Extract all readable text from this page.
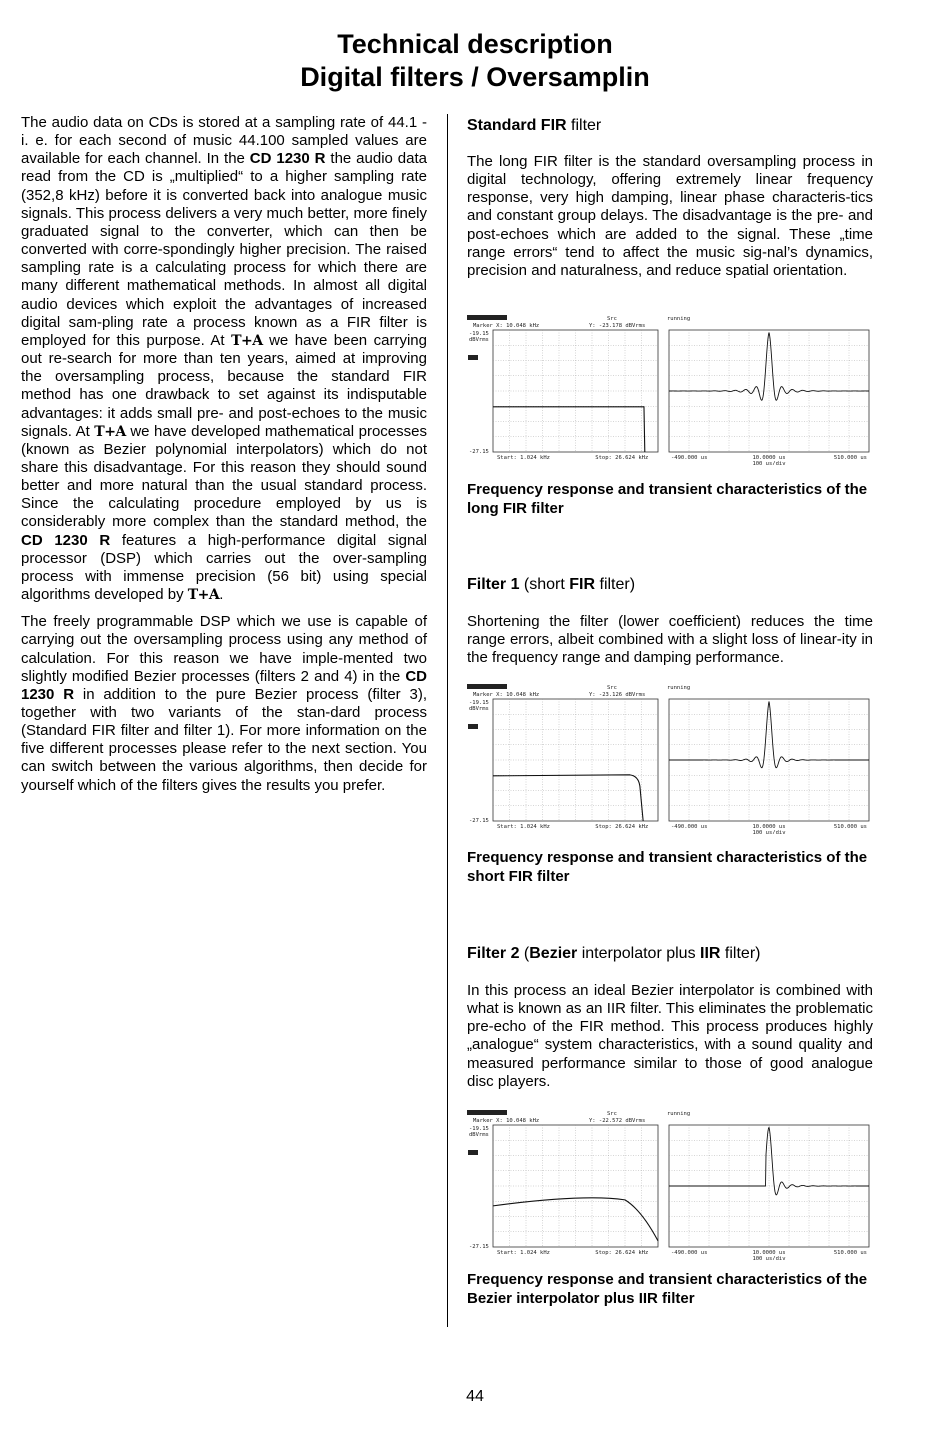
Technical description
Digital filters / Oversamplin

The audio data on CDs is stored at a sampling rate of 44.1 - i. e. for each second of music 44.100 sampled values are available for each channel. In the CD 1230 R the audio data read from the CD is „multiplied“ to a higher sampling rate (352,8 kHz) before it is converted back into analogue music signals. This process delivers a very much better, more finely graduated signal to the converter, which can then be converted with corre-spondingly higher precision. The raised sampling rate is a calculating process for which there are many different mathematical methods. In almost all digital audio devices which exploit the advantages of increased digital sam-pling rate a process known as a FIR filter is employed for this purpose. At T+A we have been carrying out re-search for more than ten years, aimed at improving the oversampling process, because the standard FIR method has one drawback to set against its indisputable advantages: it adds small pre- and post-echoes to the music signals. At T+A we have developed mathematical processes (known as Bezier polynomial interpolators) which do not share this disadvantage. For this reason they should sound better and more natural than the usual standard process. Since the calculating procedure employed by us is considerably more complex than the standard method, the CD 1230 R features a high-performance digital signal processor (DSP) which carries out the over-sampling process with immense precision (56 bit) using special algorithms developed by T+A.

The freely programmable DSP which we use is capable of carrying out the oversampling process using any method of calculation. For this reason we have imple-mented two slightly modified Bezier processes (filters 2 and 4) in the CD 1230 R in addition to the pure Bezier process (filter 3), together with two variants of the stan-dard process (Standard FIR filter and filter 1). For more information on the five different processes please refer to the next section. You can switch between the various algorithms, then decide for yourself which of the filters gives the results you prefer.

Standard FIR filter

The long FIR filter is the standard oversampling process in digital technology, offering extremely linear frequency response, very high damping, linear phase characteris-tics and constant group delays. The disadvantage is the pre- and post-echoes which are added to the signal. These „time range errors“ tend to affect the music sig-nal’s dynamics, precision and naturalness, and reduce spatial orientation.

Src	running
Marker X: 10.048 kHz	Y: -23.178 dBVrms
-19.15
dBVrms
-27.15
Start: 1.024 kHz	Stop: 26.624 kHz	-490.000 us	10.0000 us
100 us/div
510.000 us

Frequency response and transient characteristics of the long FIR filter

Filter 1 (short FIR filter)

Shortening the filter (lower coefficient) reduces the time range errors, albeit combined with a slight loss of linear-ity in the frequency range and damping performance.

Src	running
Marker X: 10.048 kHz	Y: -23.126 dBVrms
-19.15
dBVrms
-27.15
Start: 1.024 kHz	Stop: 26.624 kHz	-490.000 us	10.0000 us
100 us/div
510.000 us

Frequency response and transient characteristics of the short FIR filter

Filter 2 (Bezier interpolator plus IIR filter)

In this process an ideal Bezier interpolator is combined with what is known as an IIR filter. This eliminates the problematic pre-echo of the FIR method. This process produces highly „analogue“ system characteristics, with a sound quality and measured performance similar to those of good analogue disc players.

Src	running
Marker X: 10.048 kHz	Y: -22.572 dBVrms
-19.15
dBVrms
-27.15
Start: 1.024 kHz	Stop: 26.624 kHz	-490.000 us	10.0000 us
100 us/div
510.000 us

Frequency response and transient characteristics of the Bezier interpolator plus IIR filter

44
